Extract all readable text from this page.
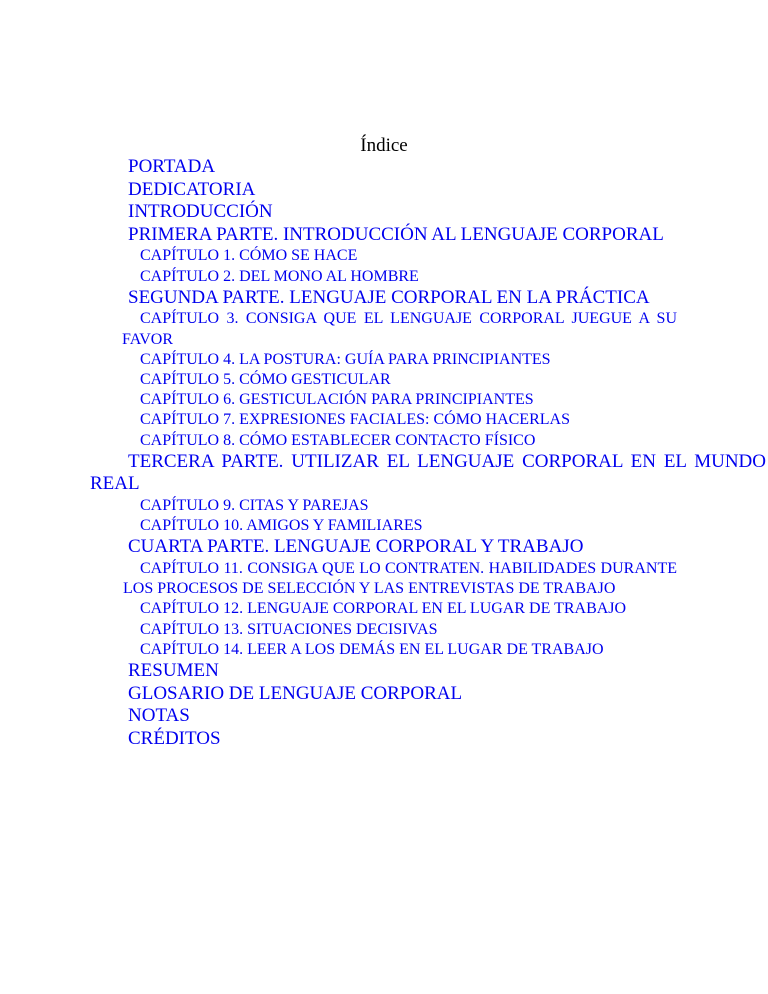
Índice
PORTADA
DEDICATORIA
INTRODUCCIÓN
PRIMERA PARTE. INTRODUCCIÓN AL LENGUAJE CORPORAL
CAPÍTULO 1. CÓMO SE HACE
CAPÍTULO 2. DEL MONO AL HOMBRE
SEGUNDA PARTE. LENGUAJE CORPORAL EN LA PRÁCTICA
CAPÍTULO 3. CONSIGA QUE EL LENGUAJE CORPORAL JUEGUE A SU FAVOR
CAPÍTULO 4. LA POSTURA: GUÍA PARA PRINCIPIANTES
CAPÍTULO 5. CÓMO GESTICULAR
CAPÍTULO 6. GESTICULACIÓN PARA PRINCIPIANTES
CAPÍTULO 7. EXPRESIONES FACIALES: CÓMO HACERLAS
CAPÍTULO 8. CÓMO ESTABLECER CONTACTO FÍSICO
TERCERA PARTE. UTILIZAR EL LENGUAJE CORPORAL EN EL MUNDO REAL
CAPÍTULO 9. CITAS Y PAREJAS
CAPÍTULO 10. AMIGOS Y FAMILIARES
CUARTA PARTE. LENGUAJE CORPORAL Y TRABAJO
CAPÍTULO 11. CONSIGA QUE LO CONTRATEN. HABILIDADES DURANTE LOS PROCESOS DE SELECCIÓN Y LAS ENTREVISTAS DE TRABAJO
CAPÍTULO 12. LENGUAJE CORPORAL EN EL LUGAR DE TRABAJO
CAPÍTULO 13. SITUACIONES DECISIVAS
CAPÍTULO 14. LEER A LOS DEMÁS EN EL LUGAR DE TRABAJO
RESUMEN
GLOSARIO DE LENGUAJE CORPORAL
NOTAS
CRÉDITOS
